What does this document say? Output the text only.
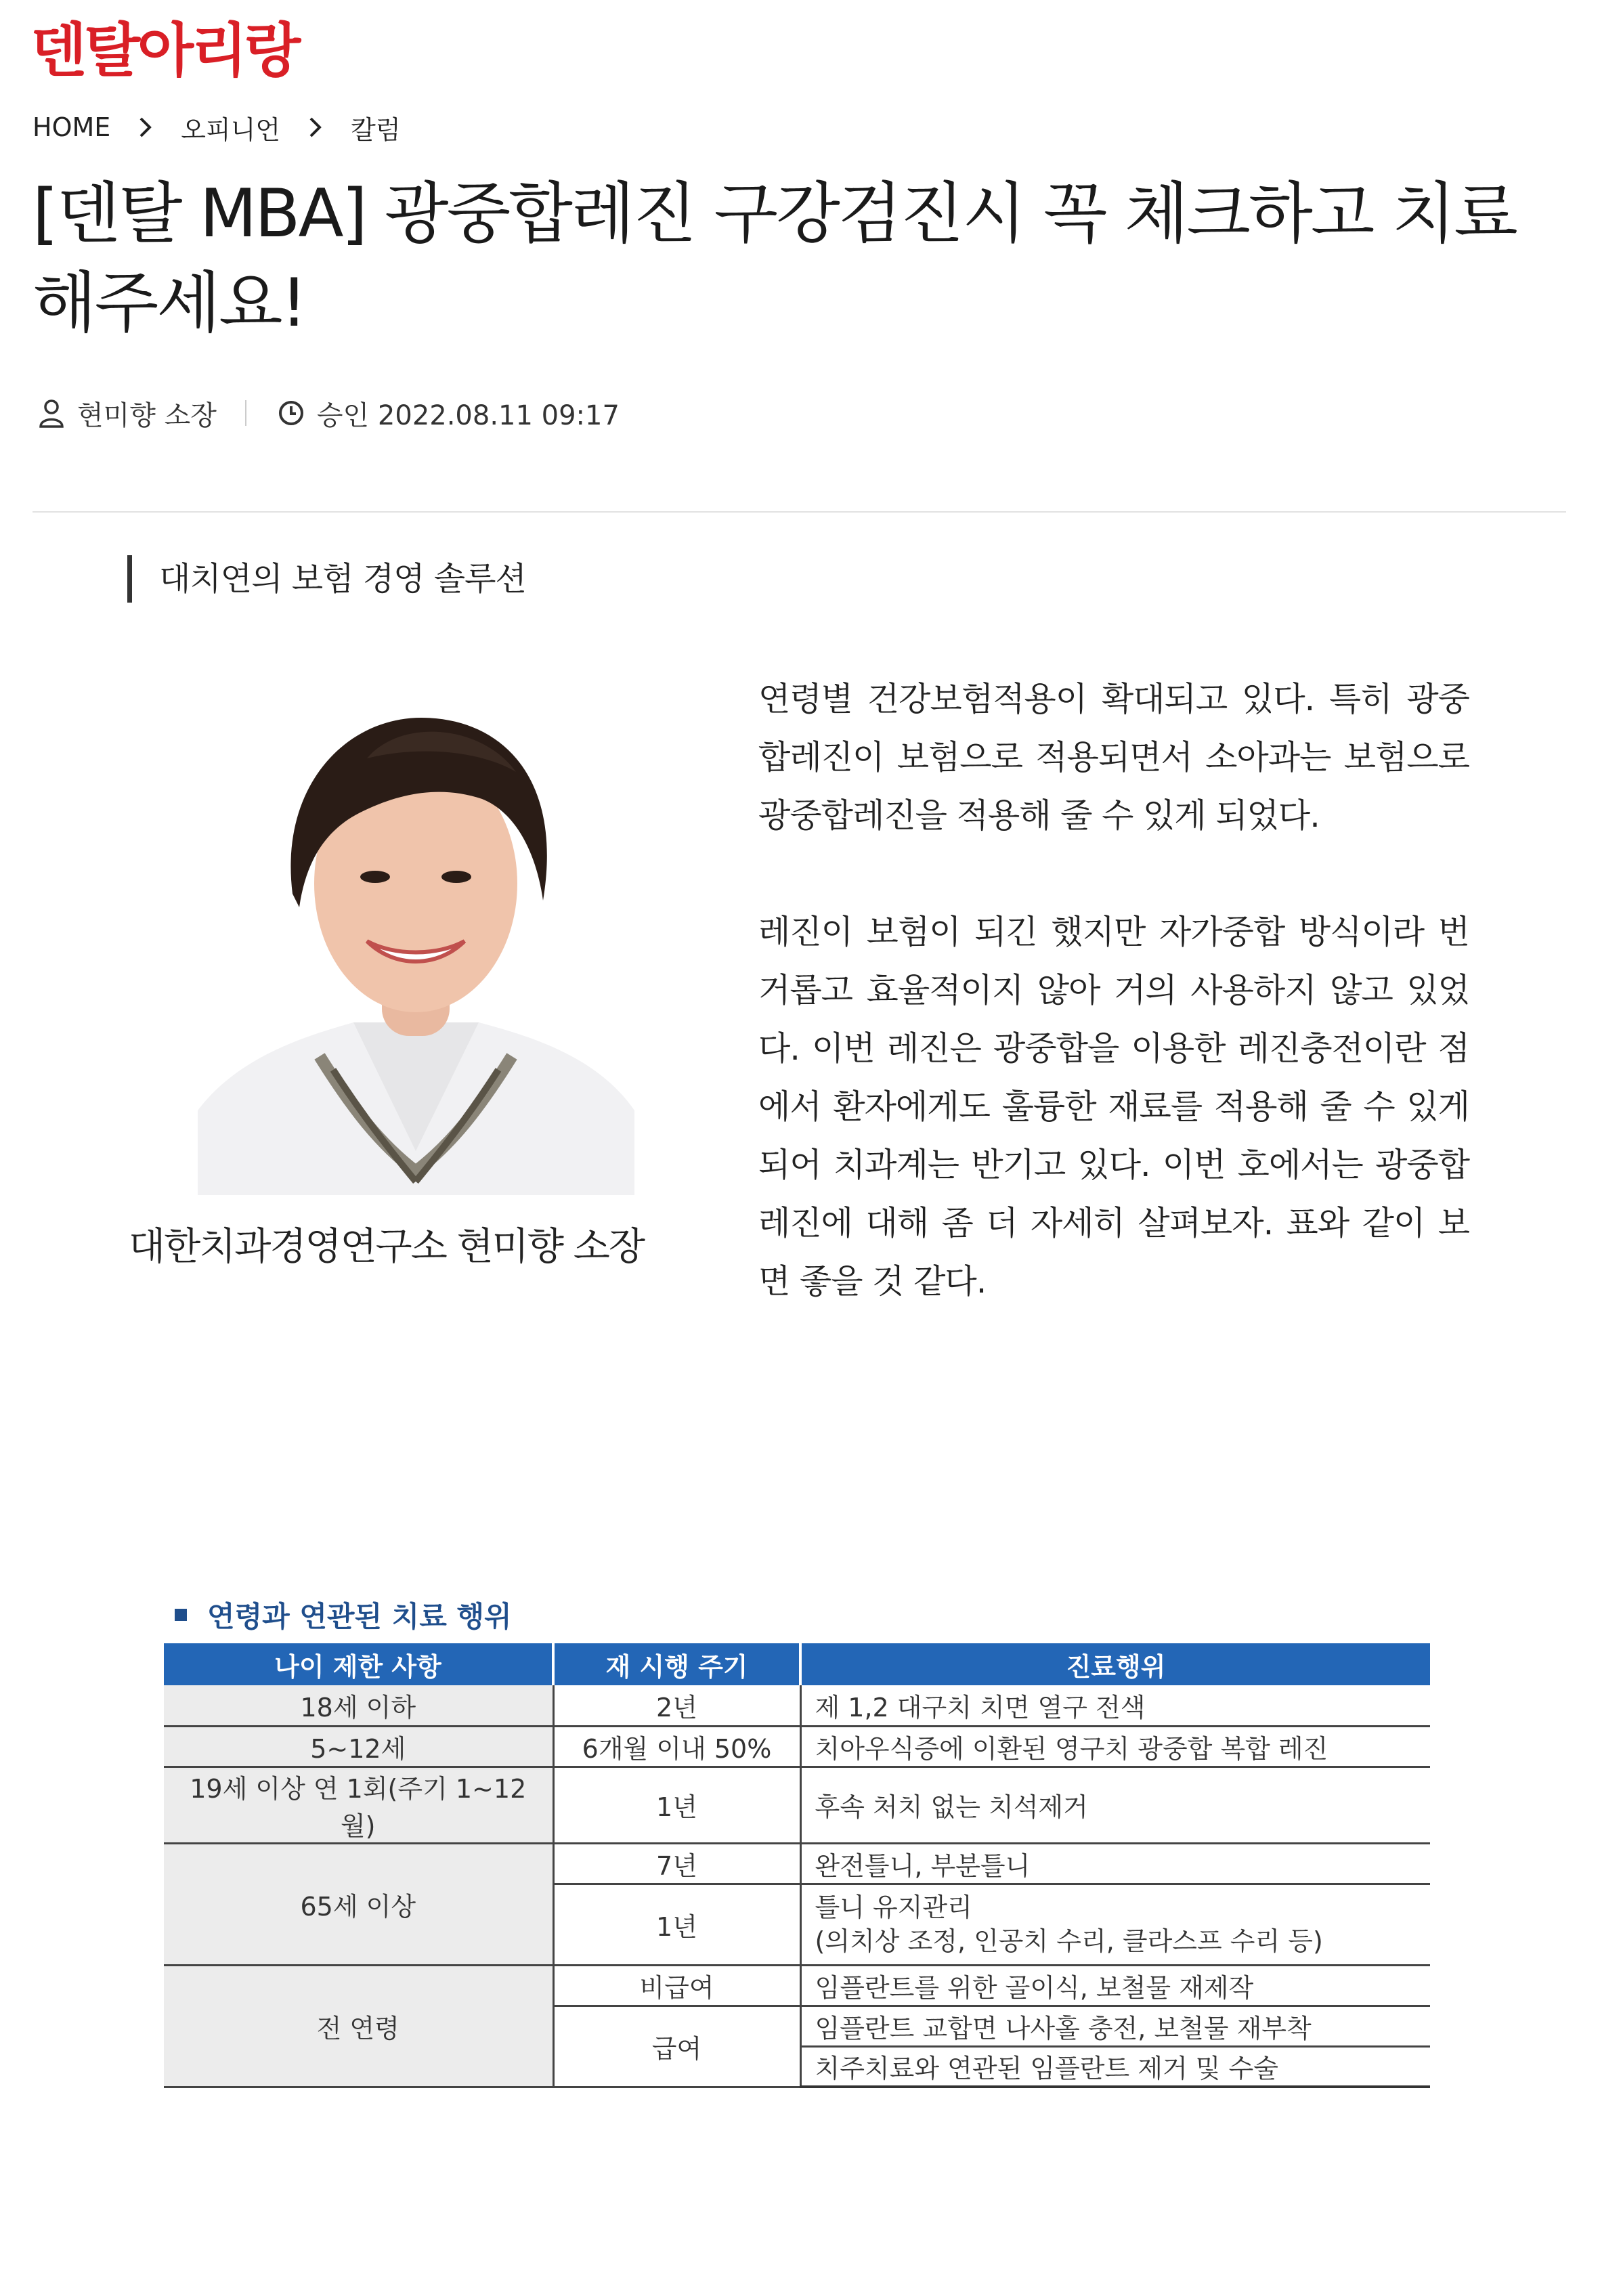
덴탈아리랑
HOME	오피니언	칼럼
[덴탈 MBA] 광중합레진 구강검진시 꼭 체크하고 치료해주세요!
현미향 소장	승인 2022.08.11 09:17
대치연의 보험 경영 솔루션
대한치과경영연구소 현미향 소장

연령별 건강보험적용이 확대되고 있다. 특히 광중합레진이 보험으로 적용되면서 소아과는 보험으로 광중합레진을 적용해 줄 수 있게 되었다.

레진이 보험이 되긴 했지만 자가중합 방식이라 번거롭고 효율적이지 않아 거의 사용하지 않고 있었다. 이번 레진은 광중합을 이용한 레진충전이란 점에서 환자에게도 훌륭한 재료를 적용해 줄 수 있게 되어 치과계는 반기고 있다. 이번 호에서는 광중합레진에 대해 좀 더 자세히 살펴보자. 표와 같이 보면 좋을 것 같다.

연령과 연관된 치료 행위
나이 제한 사항	재 시행 주기	진료행위
18세 이하	2년	제 1,2 대구치 치면 열구 전색
5~12세	6개월 이내 50%	치아우식증에 이환된 영구치 광중합 복합 레진
19세 이상 연 1회(주기 1~12월)	1년	후속 처치 없는 치석제거
65세 이상	7년	완전틀니, 부분틀니
	1년	틀니 유지관리
(의치상 조정, 인공치 수리, 클라스프 수리 등)

전 연령	비급여	임플란트를 위한 골이식, 보철물 재제작
	급여	임플란트 교합면 나사홀 충전, 보철물 재부착
		치주치료와 연관된 임플란트 제거 및 수술
